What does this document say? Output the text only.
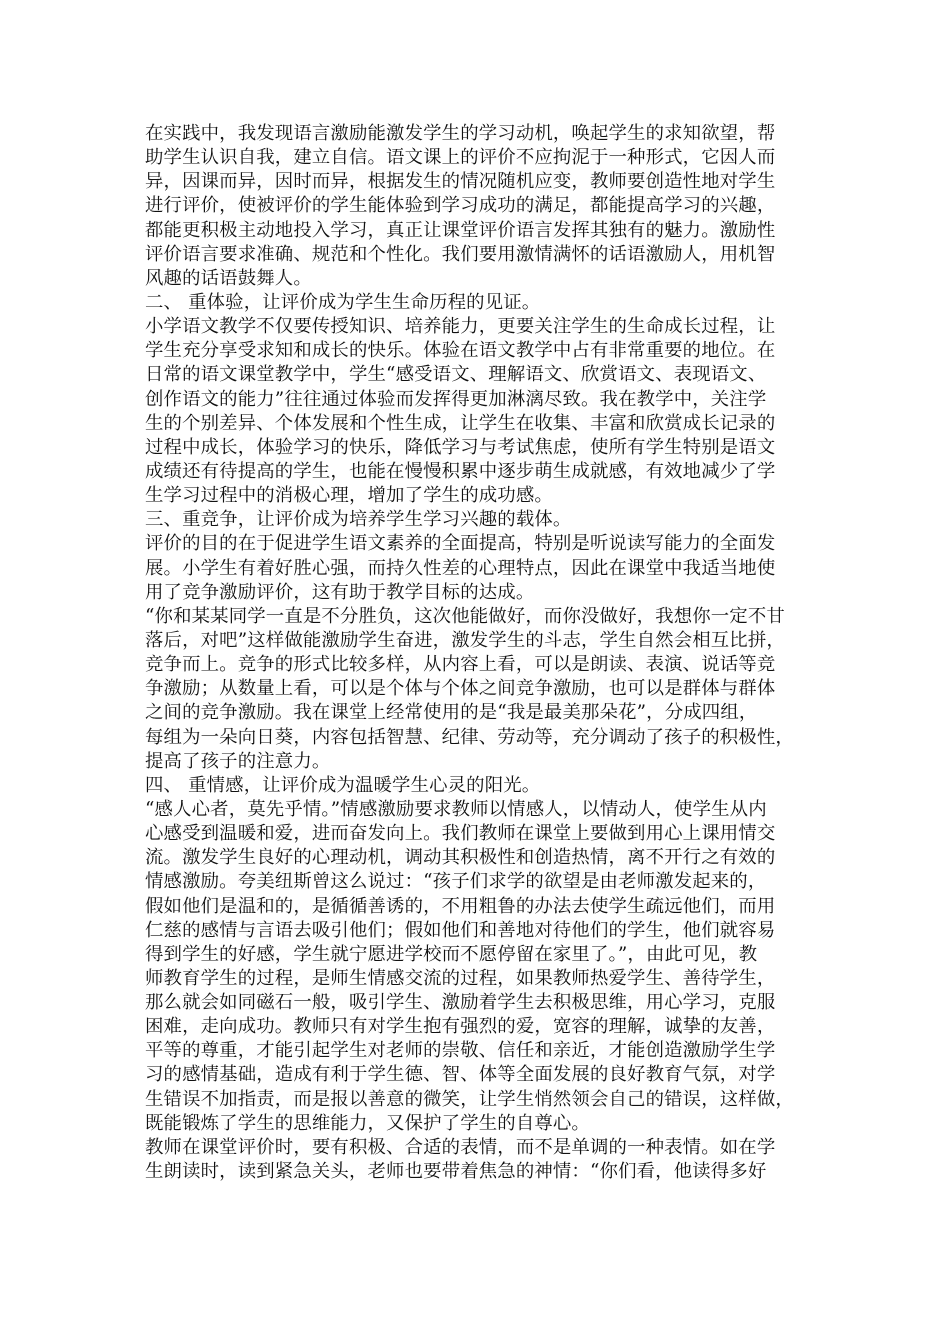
在实践中，我发现语言激励能激发学生的学习动机，唤起学生的求知欲望，帮
助学生认识自我，建立自信。语文课上的评价不应拘泥于一种形式，它因人而
异，因课而异，因时而异，根据发生的情况随机应变，教师要创造性地对学生
进行评价，使被评价的学生能体验到学习成功的满足，都能提高学习的兴趣，
都能更积极主动地投入学习，真正让课堂评价语言发挥其独有的魅力。激励性
评价语言要求准确、规范和个性化。我们要用激情满怀的话语激励人，用机智
风趣的话语鼓舞人。
二、 重体验，让评价成为学生生命历程的见证。
小学语文教学不仅要传授知识、培养能力，更要关注学生的生命成长过程，让
学生充分享受求知和成长的快乐。体验在语文教学中占有非常重要的地位。在
日常的语文课堂教学中，学生“感受语文、理解语文、欣赏语文、表现语文、
创作语文的能力”往往通过体验而发挥得更加淋漓尽致。我在教学中，关注学
生的个别差异、个体发展和个性生成，让学生在收集、丰富和欣赏成长记录的
过程中成长，体验学习的快乐，降低学习与考试焦虑，使所有学生特别是语文
成绩还有待提高的学生，也能在慢慢积累中逐步萌生成就感，有效地减少了学
生学习过程中的消极心理，增加了学生的成功感。
三、重竞争，让评价成为培养学生学习兴趣的载体。
评价的目的在于促进学生语文素养的全面提高，特别是听说读写能力的全面发
展。小学生有着好胜心强，而持久性差的心理特点，因此在课堂中我适当地使
用了竞争激励评价，这有助于教学目标的达成。
“你和某某同学一直是不分胜负，这次他能做好，而你没做好，我想你一定不甘
落后，对吧”这样做能激励学生奋进，激发学生的斗志，学生自然会相互比拼，
竞争而上。竞争的形式比较多样，从内容上看，可以是朗读、表演、说话等竞
争激励；从数量上看，可以是个体与个体之间竞争激励，也可以是群体与群体
之间的竞争激励。我在课堂上经常使用的是“我是最美那朵花”，分成四组，
每组为一朵向日葵，内容包括智慧、纪律、劳动等，充分调动了孩子的积极性，
提高了孩子的注意力。
四、 重情感，让评价成为温暖学生心灵的阳光。
“感人心者，莫先乎情。”情感激励要求教师以情感人，以情动人，使学生从内
心感受到温暖和爱，进而奋发向上。我们教师在课堂上要做到用心上课用情交
流。激发学生良好的心理动机，调动其积极性和创造热情，离不开行之有效的
情感激励。夸美纽斯曾这么说过：“孩子们求学的欲望是由老师激发起来的，
假如他们是温和的，是循循善诱的，不用粗鲁的办法去使学生疏远他们，而用
仁慈的感情与言语去吸引他们；假如他们和善地对待他们的学生，他们就容易
得到学生的好感，学生就宁愿进学校而不愿停留在家里了。”，由此可见，教
师教育学生的过程，是师生情感交流的过程，如果教师热爱学生、善待学生，
那么就会如同磁石一般，吸引学生、激励着学生去积极思维，用心学习，克服
困难，走向成功。教师只有对学生抱有强烈的爱，宽容的理解，诚挚的友善，
平等的尊重，才能引起学生对老师的崇敬、信任和亲近，才能创造激励学生学
习的感情基础，造成有利于学生德、智、体等全面发展的良好教育气氛，对学
生错误不加指责，而是报以善意的微笑，让学生悄然领会自己的错误，这样做，
既能锻炼了学生的思维能力，又保护了学生的自尊心。
教师在课堂评价时，要有积极、合适的表情，而不是单调的一种表情。如在学
生朗读时，读到紧急关头，老师也要带着焦急的神情：“你们看，他读得多好
